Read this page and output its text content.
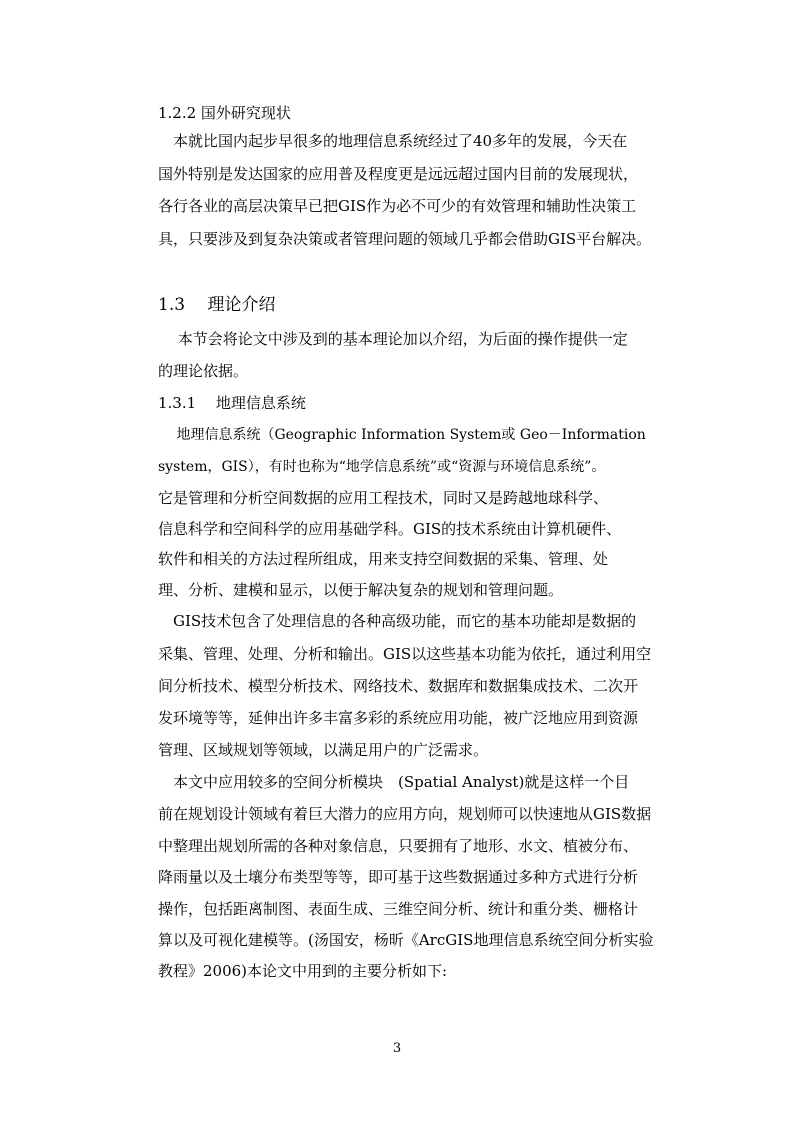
1.2.2 国外研究现状
　本就比国内起步早很多的地理信息系统经过了40多年的发展，今天在
国外特别是发达国家的应用普及程度更是远远超过国内目前的发展现状，
各行各业的高层决策早已把GIS作为必不可少的有效管理和辅助性决策工
具，只要涉及到复杂决策或者管理问题的领域几乎都会借助GIS平台解决。
1.3　 理论介绍
　 本节会将论文中涉及到的基本理论加以介绍，为后面的操作提供一定
的理论依据。
1.3.1　 地理信息系统
　 地理信息系统（Geographic Information System或 Geo－Information
system，GIS），有时也称为“地学信息系统”或“资源与环境信息系统”。
它是管理和分析空间数据的应用工程技术，同时又是跨越地球科学、
信息科学和空间科学的应用基础学科。GIS的技术系统由计算机硬件、
软件和相关的方法过程所组成，用来支持空间数据的采集、管理、处
理、分析、建模和显示，以便于解决复杂的规划和管理问题。
　GIS技术包含了处理信息的各种高级功能，而它的基本功能却是数据的
采集、管理、处理、分析和输出。GIS以这些基本功能为依托，通过利用空
间分析技术、模型分析技术、网络技术、数据库和数据集成技术、二次开
发环境等等，延伸出许多丰富多彩的系统应用功能，被广泛地应用到资源
管理、区域规划等领域，以满足用户的广泛需求。
　本文中应用较多的空间分析模块　(Spatial Analyst)就是这样一个目
前在规划设计领域有着巨大潜力的应用方向，规划师可以快速地从GIS数据
中整理出规划所需的各种对象信息，只要拥有了地形、水文、植被分布、
降雨量以及土壤分布类型等等，即可基于这些数据通过多种方式进行分析
操作，包括距离制图、表面生成、三维空间分析、统计和重分类、栅格计
算以及可视化建模等。(汤国安，杨昕《ArcGIS地理信息系统空间分析实验
教程》2006)本论文中用到的主要分析如下:
3
